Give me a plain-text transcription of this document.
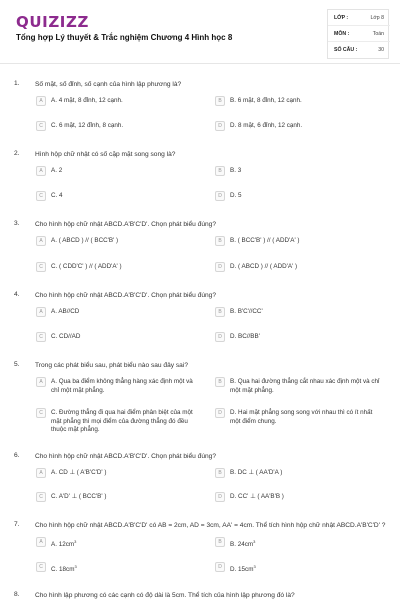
QUIZIZZ
Tổng hợp Lý thuyết & Trắc nghiệm Chương 4 Hình học 8
LỚP :	Lớp 8
MÔN :	Toán
SỐ CÂU :	30
1. Số mặt, số đỉnh, số cạnh của hình lập phương là?
A	A. 4 mặt, 8 đỉnh, 12 cạnh.	B	B. 6 mặt, 8 đỉnh, 12 cạnh.
C	C. 6 mặt, 12 đỉnh, 8 cạnh.	D	D. 8 mặt, 6 đỉnh, 12 cạnh.
2. Hình hộp chữ nhật có số cặp mặt song song là?
A	A. 2	B	B. 3
C	C. 4	D	D. 5
3. Cho hình hộp chữ nhật ABCD.A'B'C'D'. Chọn phát biểu đúng?
A	A. ( ABCD ) // ( BCC'B' )	B	B. ( BCC'B' ) // ( ADD'A' )
C	C. ( CDD'C' ) // ( ADD'A' )	D	D. ( ABCD ) // ( ADD'A' )
4. Cho hình hộp chữ nhật ABCD.A'B'C'D'. Chọn phát biểu đúng?
A	A. AB//CD	B	B. B'C'//CC'
C	C. CD//AD	D	D. BC//BB'
5. Trong các phát biểu sau, phát biểu nào sau đây sai?
A	A. Qua ba điểm không thẳng hàng xác định một và chỉ một mặt phẳng.
B	B. Qua hai đường thẳng cắt nhau xác định một và chỉ một mặt phẳng.
C	C. Đường thẳng đi qua hai điểm phân biệt của một mặt phẳng thì mọi điểm của đường thẳng đó đều thuộc mặt phẳng.
D	D. Hai mặt phẳng song song với nhau thì có ít nhất một điểm chung.
6. Cho hình hộp chữ nhật ABCD.A'B'C'D'. Chọn phát biểu đúng?
A	A. CD ⊥ ( A'B'C'D' )	B	B. DC ⊥ ( AA'D'A )
C	C. A'D' ⊥ ( BCC'B' )	D	D. CC' ⊥ ( AA'B'B )
7. Cho hình hộp chữ nhật ABCD.A'B'C'D' có AB = 2cm, AD = 3cm, AA' = 4cm. Thể tích hình hộp chữ nhật ABCD.A'B'C'D' ?
A	A. $12cm^3$	B	B. $24cm^3$
C	C. $18cm^3$	D	D. $15cm^3$
8. Cho hình lập phương có các cạnh có độ dài là 5cm. Thể tích của hình lập phương đó là?
